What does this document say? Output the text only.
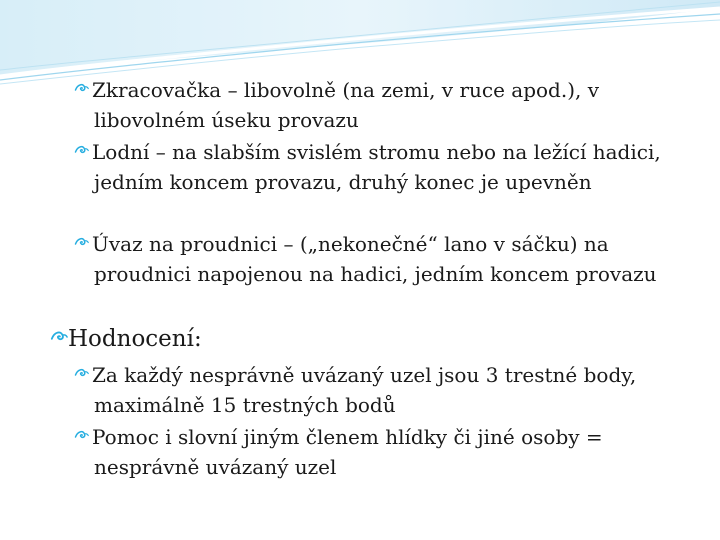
Zkracovačka – libovolně (na zemi, v ruce apod.), v libovolném úseku provazu
Lodní – na slabším svislém stromu nebo na ležící hadici, jedním koncem provazu, druhý konec je upevněn
Úvaz na proudnici – („nekonečné“ lano v sáčku) na proudnici napojenou na hadici, jedním koncem provazu
Hodnocení:
Za každý nesprávně uvázaný uzel jsou 3 trestné body, maximálně 15 trestných bodů
Pomoc i slovní jiným členem hlídky či jiné osoby = nesprávně uvázaný uzel
